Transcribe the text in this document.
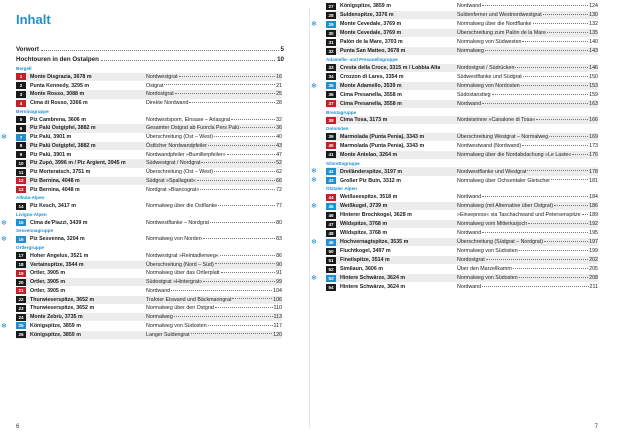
Inhalt
Vorwort	5
Hochtouren in den Ostalpen	10
Bergell
1	Monte Disgrazia, 3678 m	Nordwestgrat	16
2	Punta Kennedy, 3295 m	Ostgrat	21
3	Monte Rosso, 3088 m	Nordostgrat	25
4	Cima di Rosso, 3366 m	Direkte Nordwand	28
Berninagruppe
5	Piz Cambrena, 3606 m	Nordwestsporn, Einsase – Arlasgrat	32
6	Piz Palü Ostgipfel, 3882 m	Gesamter Ostgrat ab Fuorcla Pers Palü	36
❄	7	Piz Palü, 3901 m	Überschreitung (Ost – West)	40
8	Piz Palü Ostgipfel, 3882 m	Östlicher Nordwandpfeiler	43
9	Piz Palü, 3901 m	Nordwandpfeiler »Bumillerpfeiler«	47
10	Piz Zupò, 3996 m / Piz Argient, 3945 m	Südwestgrat / Nordgrat	52
11	Piz Morteratsch, 3751 m	Überschreitung (Ost – West)	62
12	Piz Bernina, 4048 m	Südgrat »Spallagrat«	66
13	Piz Bernina, 4048 m	Nordgrat »Biancograt«	72
Albula-Alpen
14	Piz Kesch, 3417 m	Normalweg über die Ostflanke	77
Livigno-Alpen
❄	15	Cima de'Piazzi, 3439 m	Nordwestflanke – Nordgrat	80
Sesvennagruppe
❄	16	Piz Sesvenna, 3204 m	Normalweg von Norden	83
Ortlergruppe
17	Hoher Angelus, 3521 m	Nordwestgrat »Reintadlerweg«	86
18	Vertainspitze, 3544 m	Überschreitung (Nord – Süd)	90
19	Ortler, 3905 m	Normalweg über das Ortlerplatt	91
20	Ortler, 3905 m	Südostgrat »Hintergrat«	99
21	Ortler, 3905 m	Nordwand	104
22	Thurwieserspitze, 3652 m	Trafoier Eiswand und Bäckmanngrat	106
23	Thurwieserspitze, 3652 m	Normalweg über den Ostgrat	110
24	Monte Zebrù, 3735 m	Normalweg	113
❄	25	Königspitze, 3859 m	Normalweg von Südosten	117
26	Königspitze, 3859 m	Langer Suldengrat	120
6
27	Königspitze, 3859 m	Nordwand	124
28	Suldenspitze, 3376 m	Suldenferner und Westnordwestgrat	130
❄	29	Monte Cevedale, 3769 m	Normalweg über die Nordflanke	132
30	Monte Cevedale, 3769 m	Überschreitung zum Palòn de la Mare	135
31	Palòn de la Mare, 3703 m	Normalweg von Südwesten	140
32	Punta San Matteo, 3678 m	Normalweg	143
Adamello- und Presanellagruppe
33	Cresta della Croce, 3315 m / Lobbia Alta	Nordostgrat / Südrücken	146
34	Crozzon di Lares, 3354 m	Südwestflanke und Südgrat	150
❄	35	Monte Adamello, 3539 m	Normalweg von Nordosten	153
36	Cima Presanella, 3558 m	Südostanstieg	159
37	Cima Presanella, 3558 m	Nordwand	163
Brentagruppe
38	Cima Tosa, 3173 m	Nordeisrinne »Canalone di Tosa«	166
Dolomiten
39	Marmolada (Punta Penia), 3343 m	Überschreitung Westgrat – Normalweg	169
40	Marmolada (Punta Penia), 3343 m	Nordwestwand (Nordwand)	173
41	Monte Antelao, 3264 m	Normalweg über die Nordabdachung »Le Laste«	176
Silvrettagruppe
❄	42	Dreiländerspitze, 3197 m	Nordwestflanke und Westgrat	178
❄	43	Großer Piz Buin, 3312 m	Normalweg über Ochsentaler Gletscher	181
Ötztaler Alpen
44	Weißseespitze, 3518 m	Nordwand	184
❄	45	Weißkugel, 3739 m	Normalweg (mit Alternative über Ostgrat)	186
46	Hinterer Brochkogel, 3628 m	»Einsepress« via Taschachwand und Petersenspitze 189
47	Wildspitze, 3768 m	Normalweg vom Mitterkarjoch	192
48	Wildspitze, 3768 m	Nordwand	195
❄	49	Hochvernagtspitze, 3535 m	Überschreitung (Südgrat – Nordgrat)	197
50	Fluchtkogel, 3497 m	Normalweg von Südosten	199
51	Fineilspitze, 3514 m	Nordostgrat	202
52	Similaun, 3606 m	Über den Marzellkamm	205
❄	53	Hintere Schwärze, 3624 m	Normalweg von Südosten	208
54	Hintere Schwärze, 3624 m	Nordwand	211
7
